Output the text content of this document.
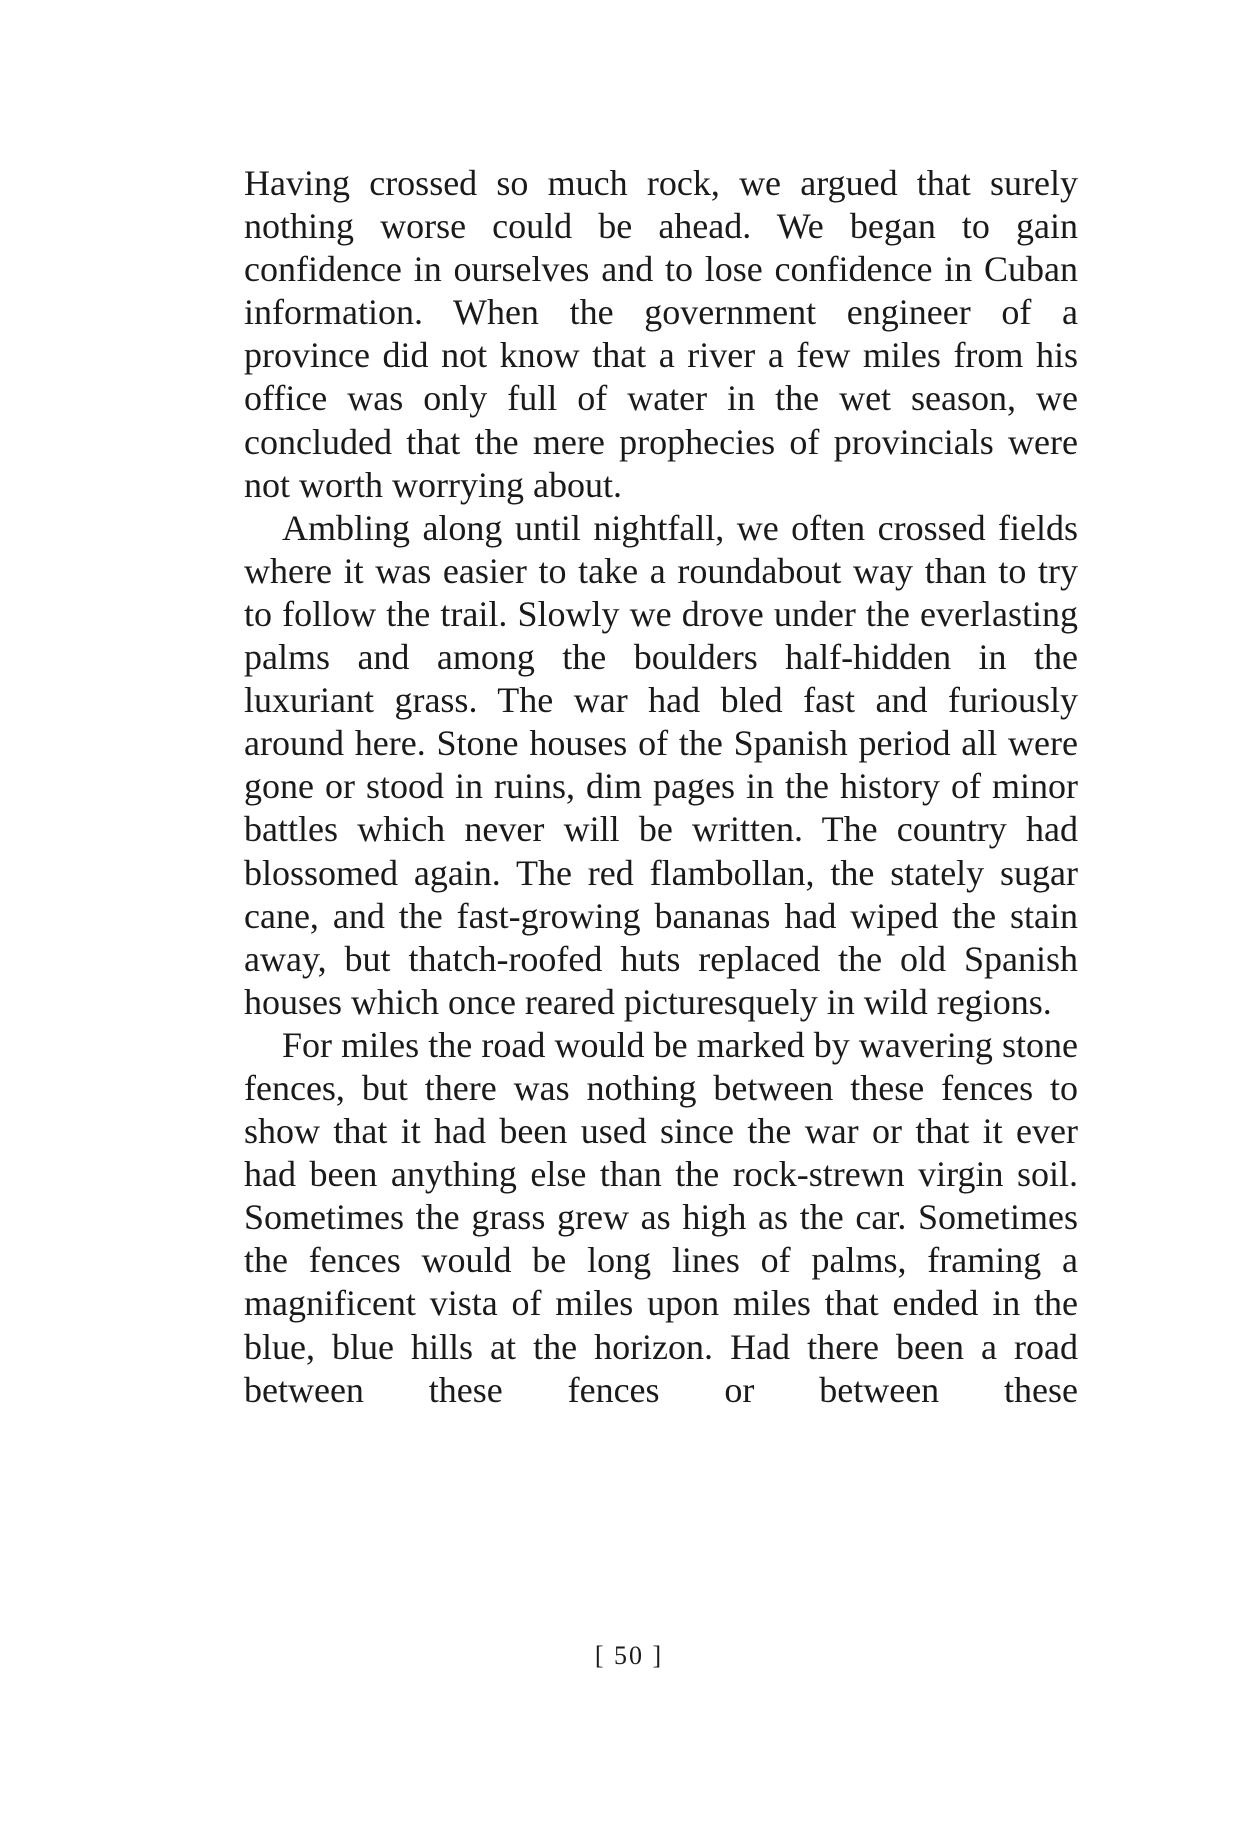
Having crossed so much rock, we argued that surely nothing worse could be ahead. We began to gain confidence in ourselves and to lose confidence in Cuban information. When the government engineer of a province did not know that a river a few miles from his office was only full of water in the wet season, we concluded that the mere prophecies of provincials were not worth worrying about.

Ambling along until nightfall, we often crossed fields where it was easier to take a roundabout way than to try to follow the trail. Slowly we drove under the everlasting palms and among the boulders half-hidden in the luxuriant grass. The war had bled fast and furiously around here. Stone houses of the Spanish period all were gone or stood in ruins, dim pages in the history of minor battles which never will be written. The country had blossomed again. The red flambollan, the stately sugar cane, and the fast-growing bananas had wiped the stain away, but thatch-roofed huts replaced the old Spanish houses which once reared picturesquely in wild regions.

For miles the road would be marked by wavering stone fences, but there was nothing between these fences to show that it had been used since the war or that it ever had been anything else than the rock-strewn virgin soil. Sometimes the grass grew as high as the car. Sometimes the fences would be long lines of palms, framing a magnificent vista of miles upon miles that ended in the blue, blue hills at the horizon. Had there been a road between these fences or between these

[ 50 ]
